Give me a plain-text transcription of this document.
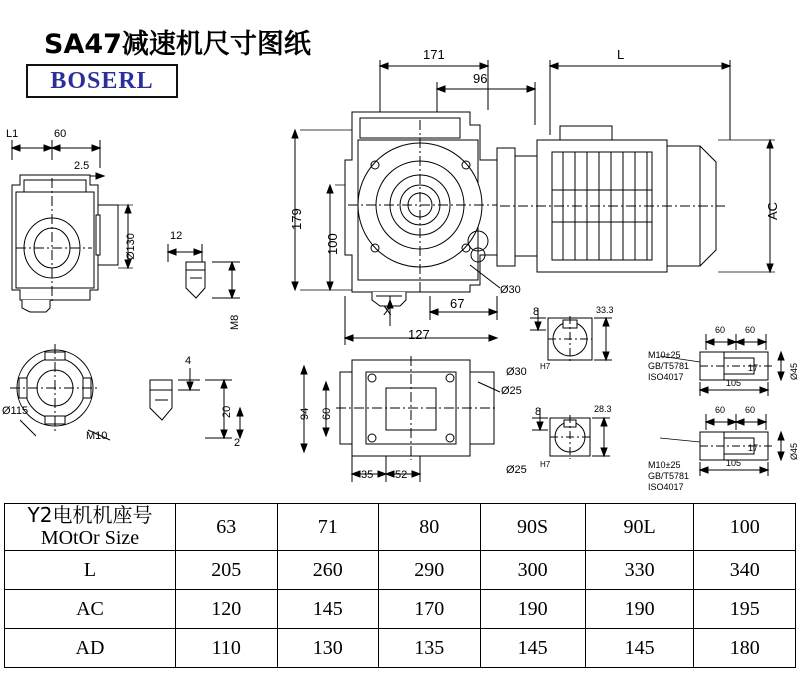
SA47减速机尺寸图纸
BOSERL
171
96
L
179
100
127
67
X
AC
Ø30
L1	60
2.5
Ø130	12
M8
Ø115
M10
4
20
2
94 60
35 52
Ø25
8	33.3
Ø30 H7
8	28.3
Ø25 H7
60 60
17
105
Ø45
M10±25
GB/T5781
ISO4017
60 60
17
105
Ø45
M10±25
GB/T5781
ISO4017
Y2电机机座号
MOtOr Size	63	71	80	90S	90L	100
L	205	260	290	300	330	340
AC	120	145	170	190	190	195
AD	110	130	135	145	145	180
